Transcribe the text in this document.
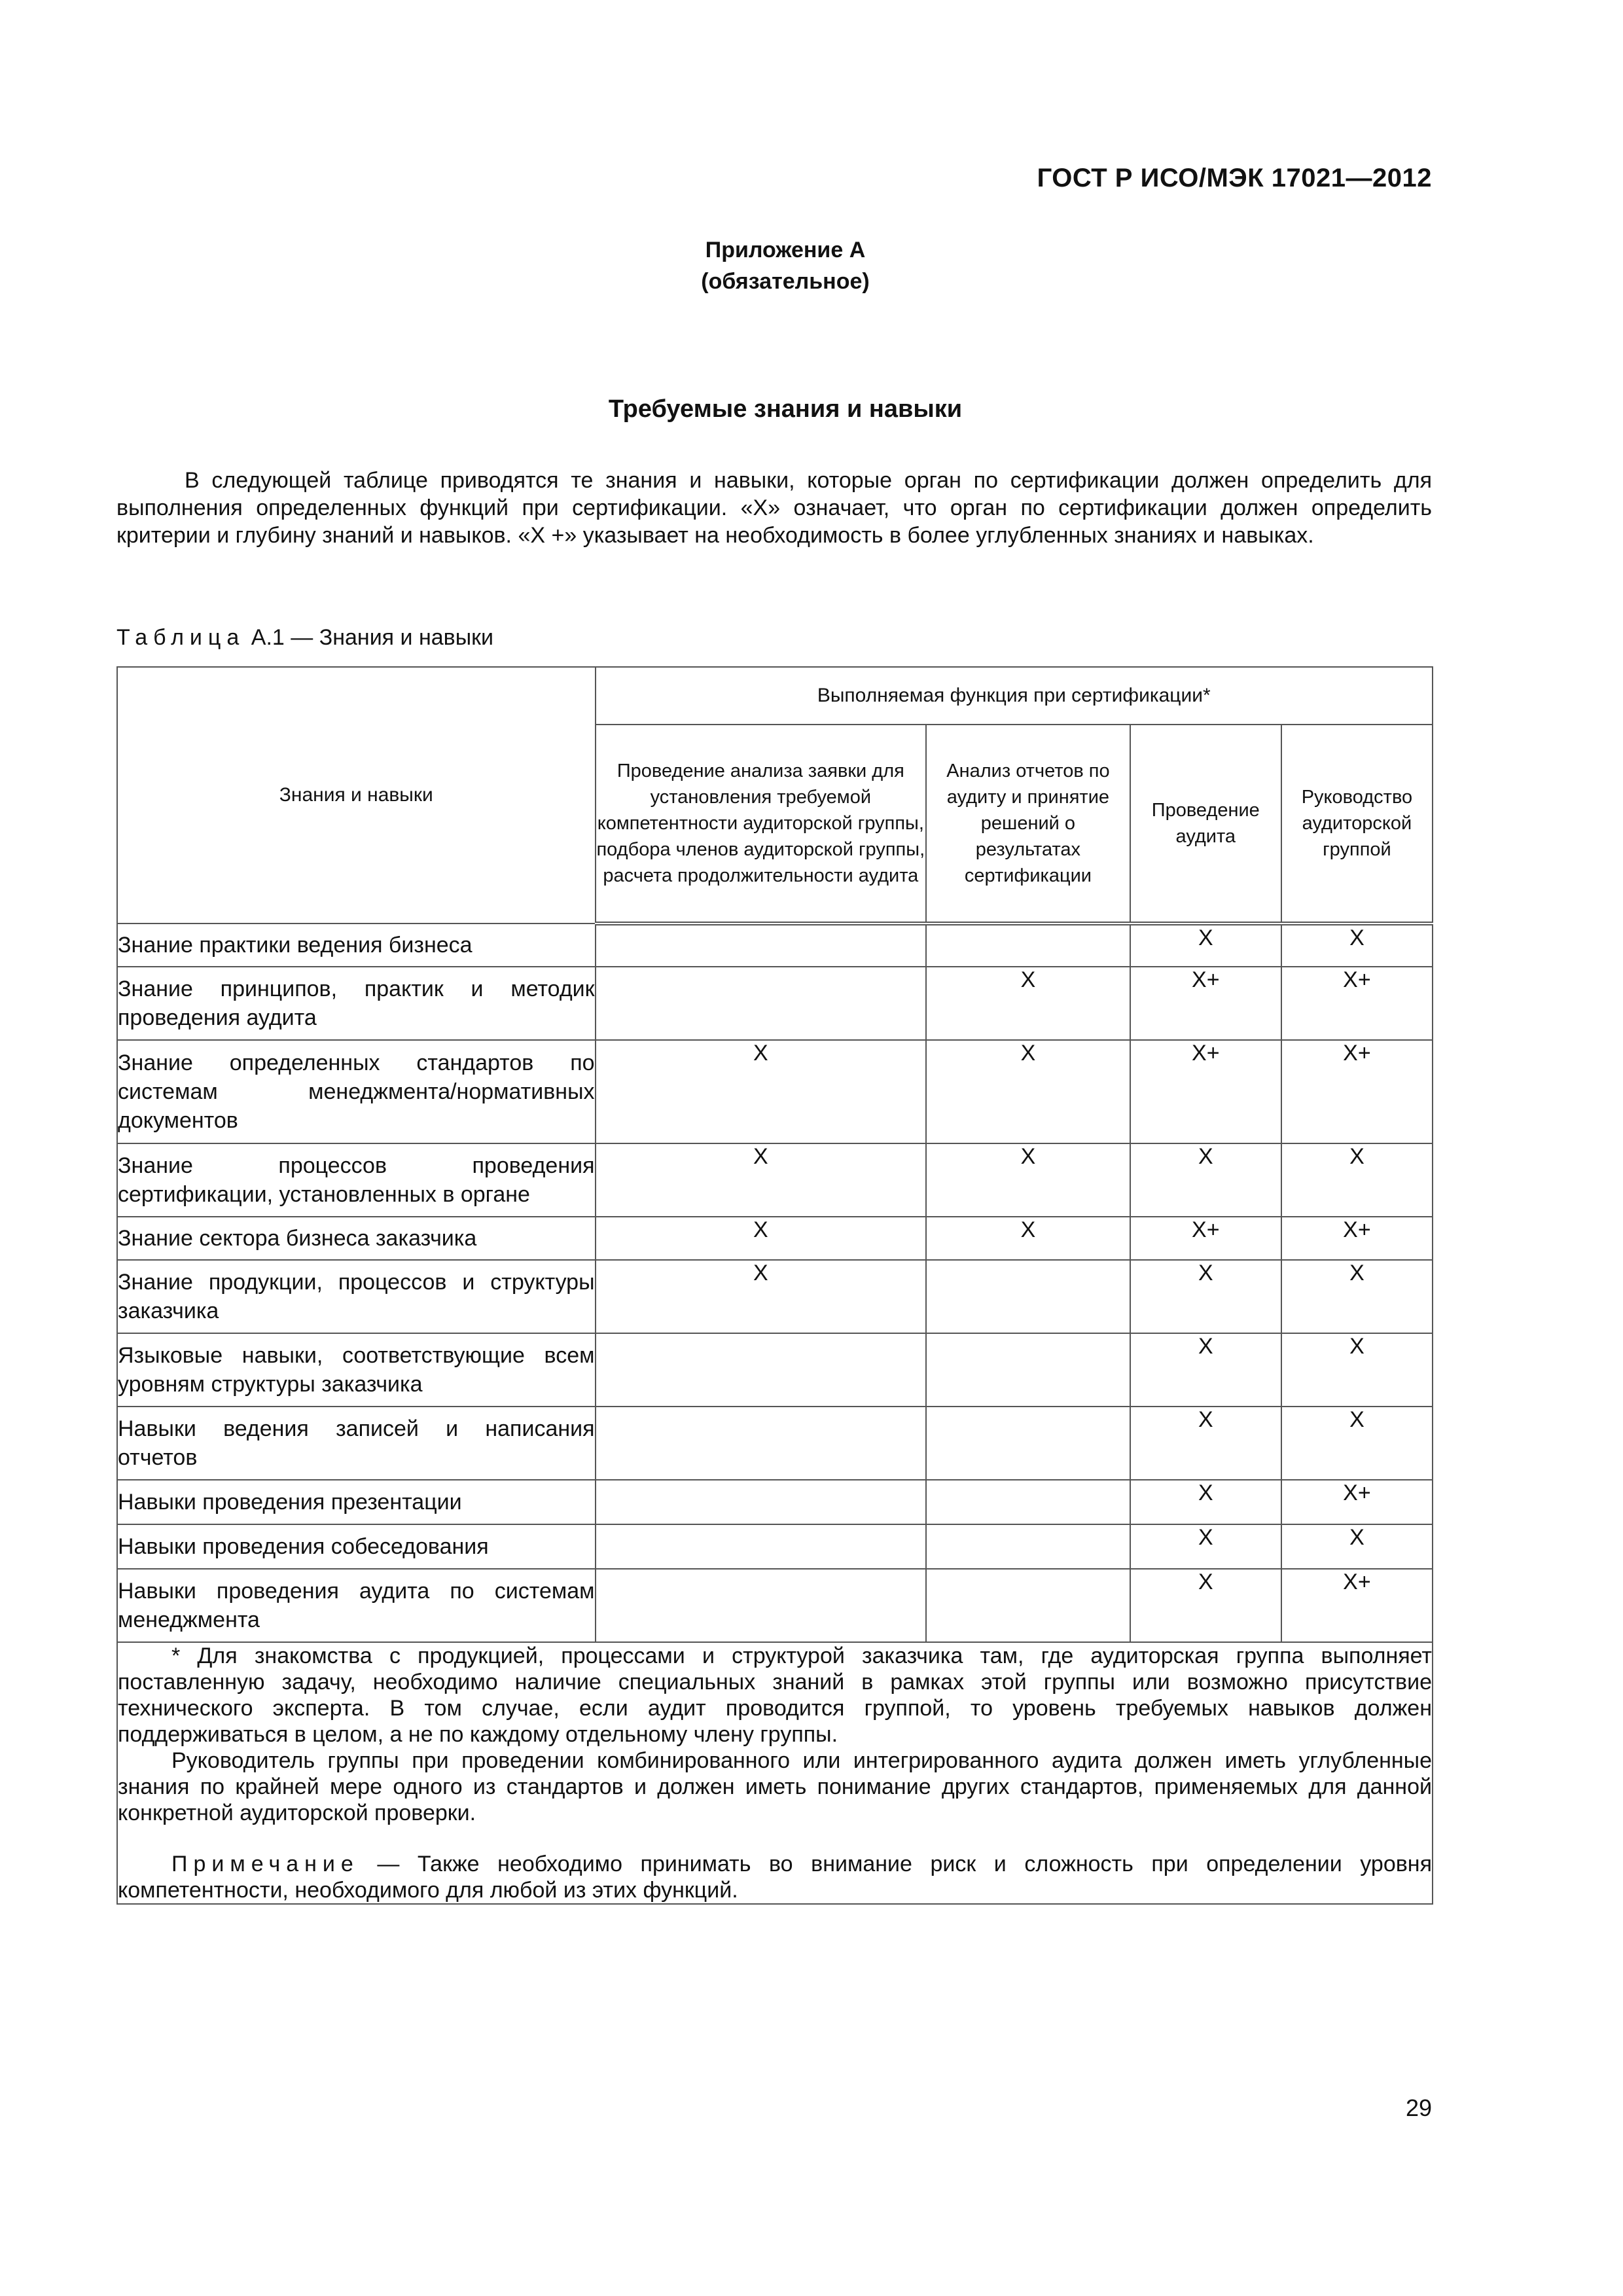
ГОСТ Р ИСО/МЭК 17021—2012
Приложение А
(обязательное)
Требуемые знания и навыки
В следующей таблице приводятся те знания и навыки, которые орган по сертификации должен определить для выполнения определенных функций при сертификации. «Х» означает, что орган по сертификации должен определить критерии и глубину знаний и навыков. «Х +» указывает на необходимость в более углубленных знаниях и навыках.
Таблица А.1 — Знания и навыки
Знания и навыки	Выполняемая функция при сертификации*			
	Проведение анализа заявки для установления требуемой компетентности аудиторской группы, подбора членов аудиторской группы, расчета продолжительности аудита	Анализ отчетов по аудиту и принятие решений о результатах сертификации	Проведение аудита	Руководство аудиторской группой
Знание практики ведения бизнеса			X	X
Знание принципов, практик и методик проведения аудита		X	X+	X+
Знание определенных стандартов по системам менеджмента/нормативных документов	X	X	X+	X+
Знание процессов проведения сертификации, установленных в органе	X	X	X	X
Знание сектора бизнеса заказчика	X	X	X+	X+
Знание продукции, процессов и структуры заказчика	X		X	X
Языковые навыки, соответствующие всем уровням структуры заказчика			X	X
Навыки ведения записей и написания отчетов			X	X
Навыки проведения презентации			X	X+
Навыки проведения собеседования			X	X
Навыки проведения аудита по системам менеджмента			X	X+

* Для знакомства с продукцией, процессами и структурой заказчика там, где аудиторская группа выполняет поставленную задачу, необходимо наличие специальных знаний в рамках этой группы или возможно присутствие технического эксперта. В том случае, если аудит проводится группой, то уровень требуемых навыков должен поддерживаться в целом, а не по каждому отдельному члену группы.

Руководитель группы при проведении комбинированного или интегрированного аудита должен иметь углубленные знания по крайней мере одного из стандартов и должен иметь понимание других стандартов, применяемых для данной конкретной аудиторской проверки.

Примечание — Также необходимо принимать во внимание риск и сложность при определении уровня компетентности, необходимого для любой из этих функций.				

29
